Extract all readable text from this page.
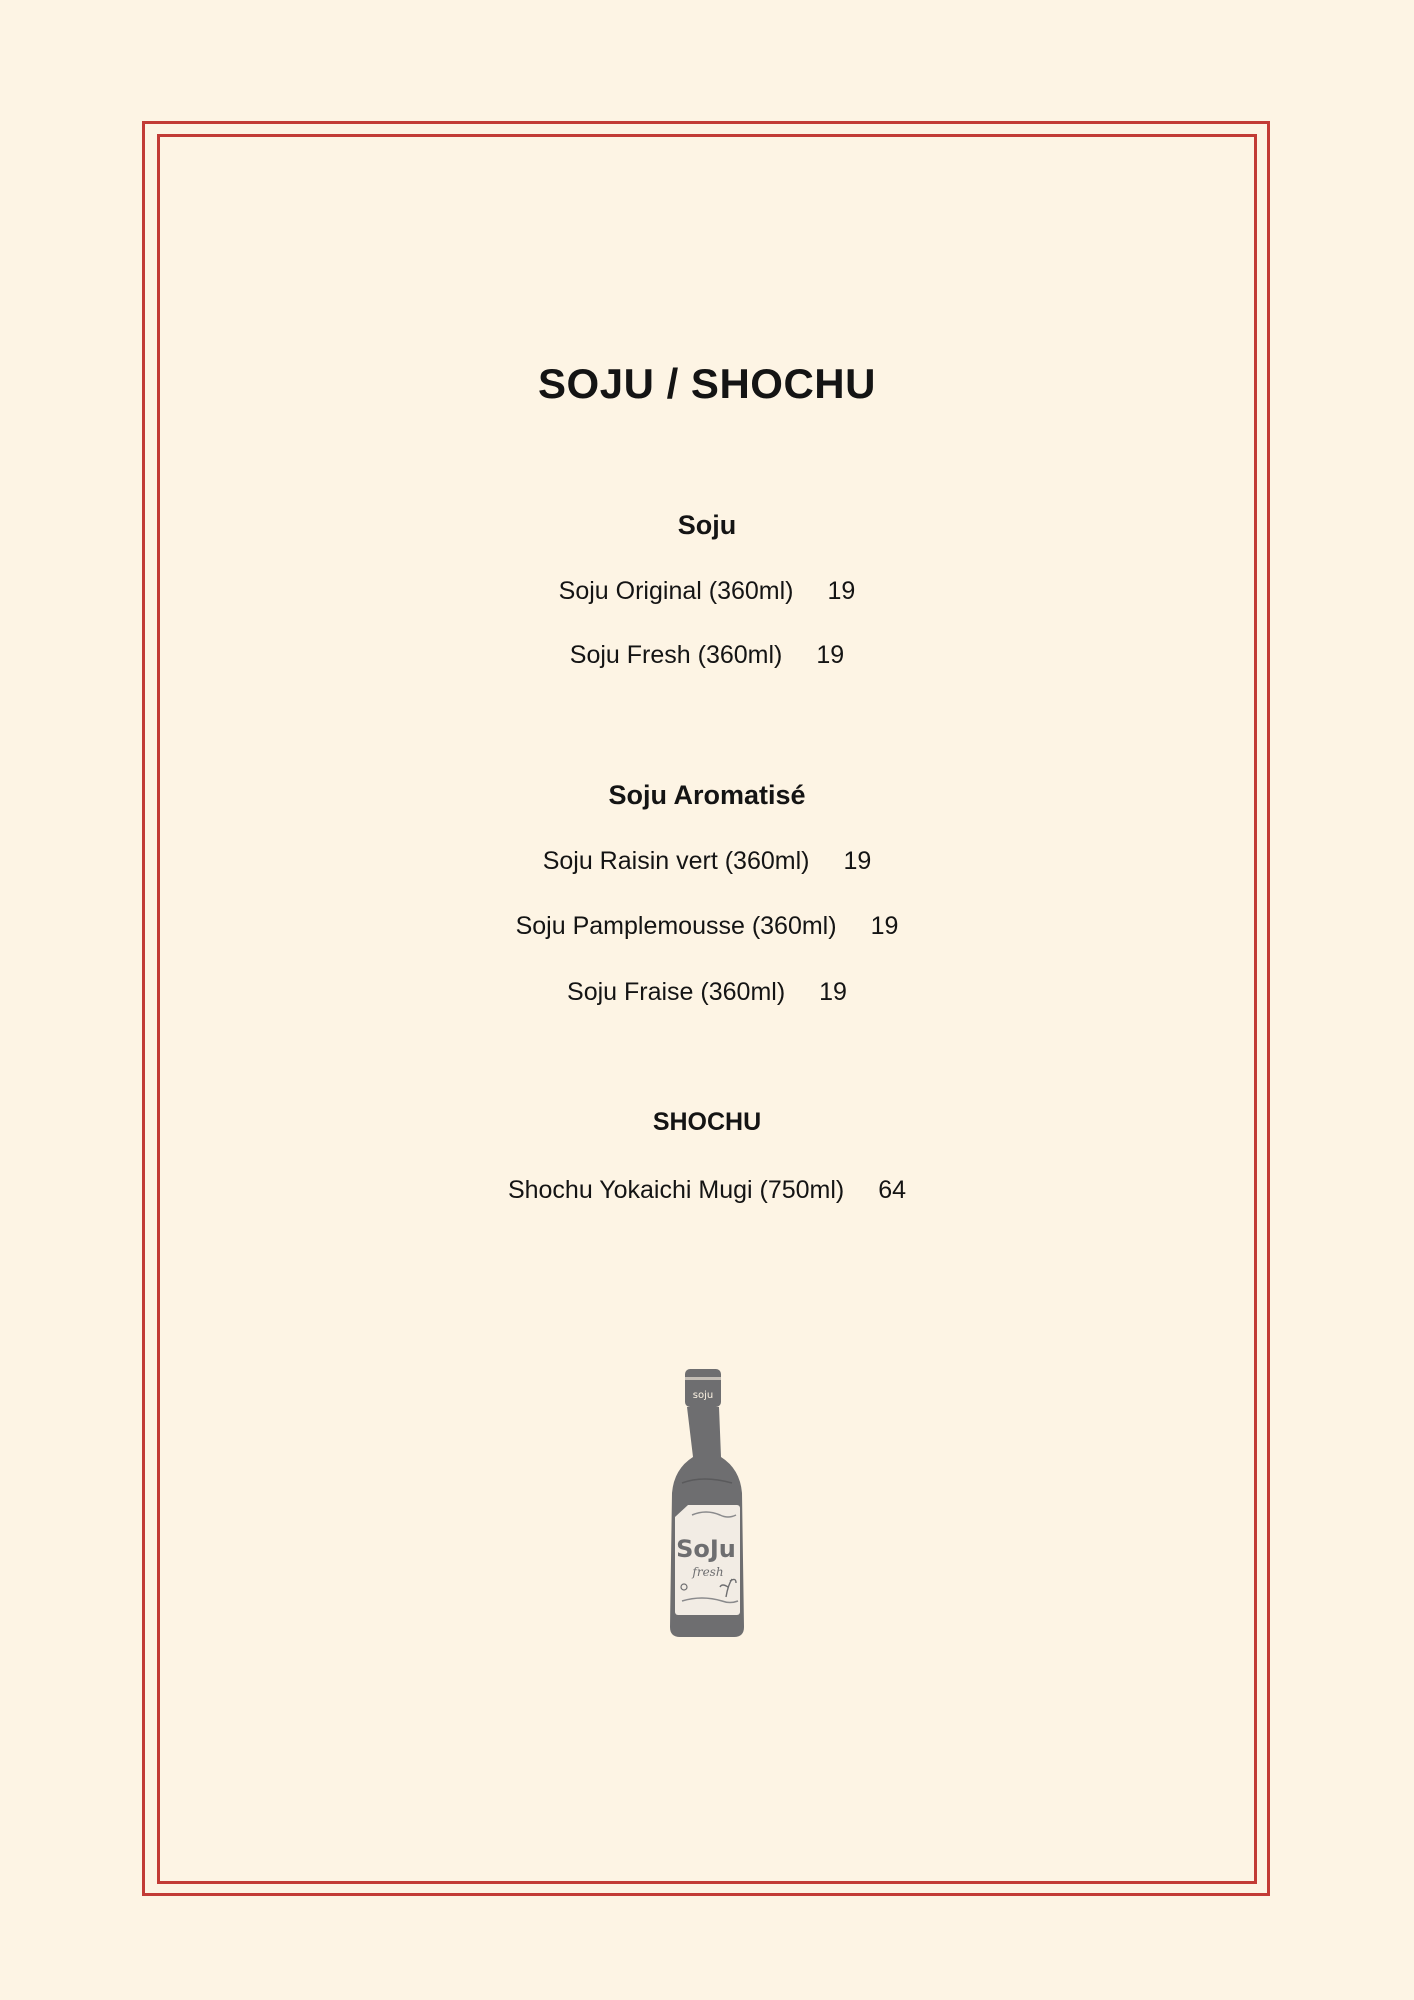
SOJU / SHOCHU
Soju

Soju Original (360ml) 19

Soju Fresh (360ml) 19

Soju Aromatisé

Soju Raisin vert (360ml) 19

Soju Pamplemousse (360ml) 19

Soju Fraise (360ml) 19

SHOCHU

Shochu Yokaichi Mugi (750ml) 64

soju
SoJu
fresh
